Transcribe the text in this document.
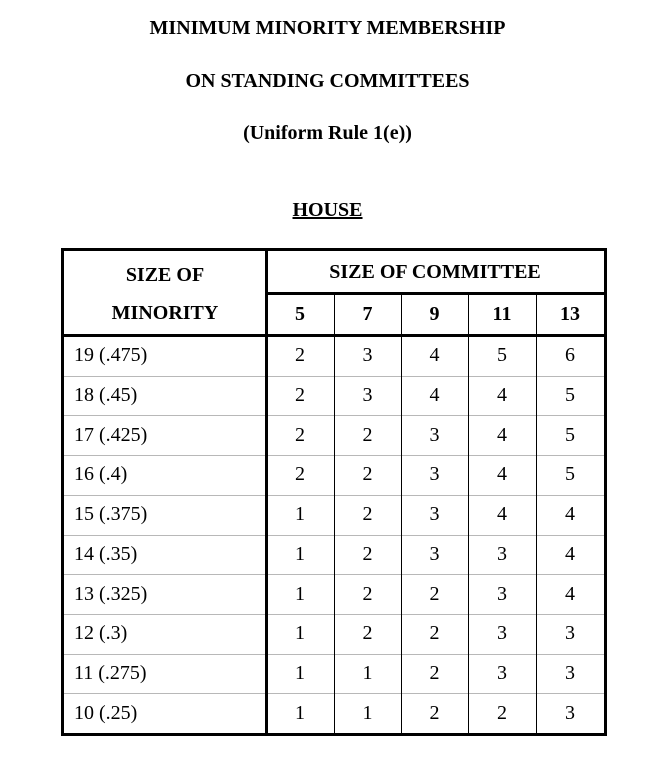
MINIMUM MINORITY MEMBERSHIP
ON STANDING COMMITTEES
(Uniform Rule 1(e))
HOUSE
SIZE OF
MINORITY
SIZE OF COMMITTEE
5	7	9	11	13
19 (.475)	2	3	4	5	6
18 (.45)	2	3	4	4	5
17 (.425)	2	2	3	4	5
16 (.4)	2	2	3	4	5
15 (.375)	1	2	3	4	4
14 (.35)	1	2	3	3	4
13 (.325)	1	2	2	3	4
12 (.3)	1	2	2	3	3
11 (.275)	1	1	2	3	3
10 (.25)	1	1	2	2	3
